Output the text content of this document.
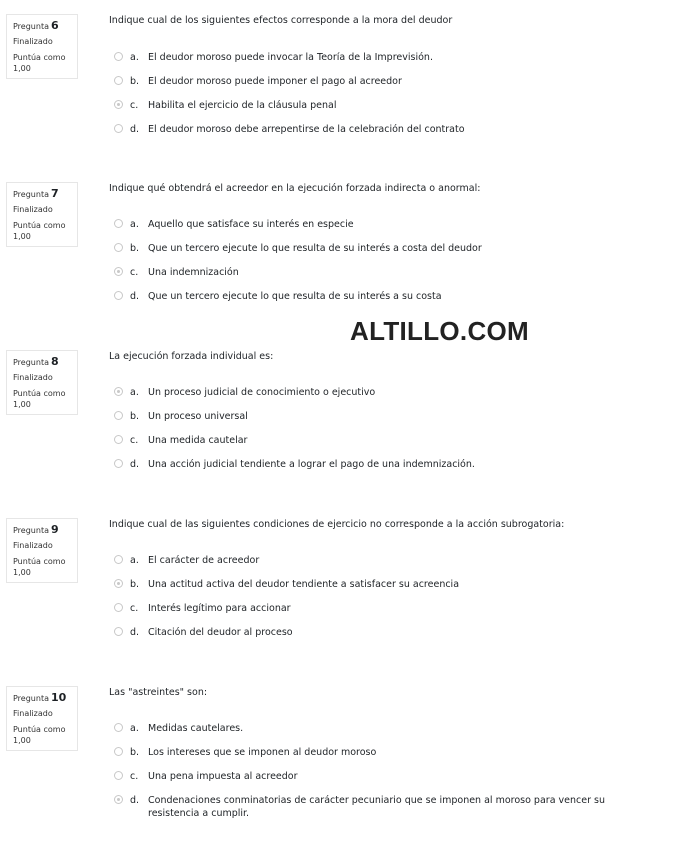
Pregunta 6
Finalizado
Puntúa como 1,00
Indique cual de los siguientes efectos corresponde a la mora del deudor
a. El deudor moroso puede invocar la Teoría de la Imprevisión.
b. El deudor moroso puede imponer el pago al acreedor
c.	Habilita el ejercicio de la cláusula penal
d. El deudor moroso debe arrepentirse de la celebración del contrato
Pregunta 7
Finalizado
Puntúa como 1,00
Indique qué obtendrá el acreedor en la ejecución forzada indirecta o anormal:
a. Aquello que satisface su interés en especie
b. Que un tercero ejecute lo que resulta de su interés a costa del deudor
c.	Una indemnización
d. Que un tercero ejecute lo que resulta de su interés a su costa
ALTILLO.COM
Pregunta 8
Finalizado
Puntúa como 1,00
La ejecución forzada individual es:
a. Un proceso judicial de conocimiento o ejecutivo
b. Un proceso universal
c.	Una medida cautelar
d. Una acción judicial tendiente a lograr el pago de una indemnización.
Pregunta 9
Finalizado
Puntúa como 1,00
Indique cual de las siguientes condiciones de ejercicio no corresponde a la acción subrogatoria:
a. El carácter de acreedor
b. Una actitud activa del deudor tendiente a satisfacer su acreencia
c.	Interés legítimo para accionar
d. Citación del deudor al proceso
Pregunta 10
Finalizado
Puntúa como 1,00
Las "astreintes" son:
a. Medidas cautelares.
b. Los intereses que se imponen al deudor moroso
c.	Una pena impuesta al acreedor
d. Condenaciones conminatorias de carácter pecuniario que se imponen al moroso para vencer su resistencia a cumplir.
